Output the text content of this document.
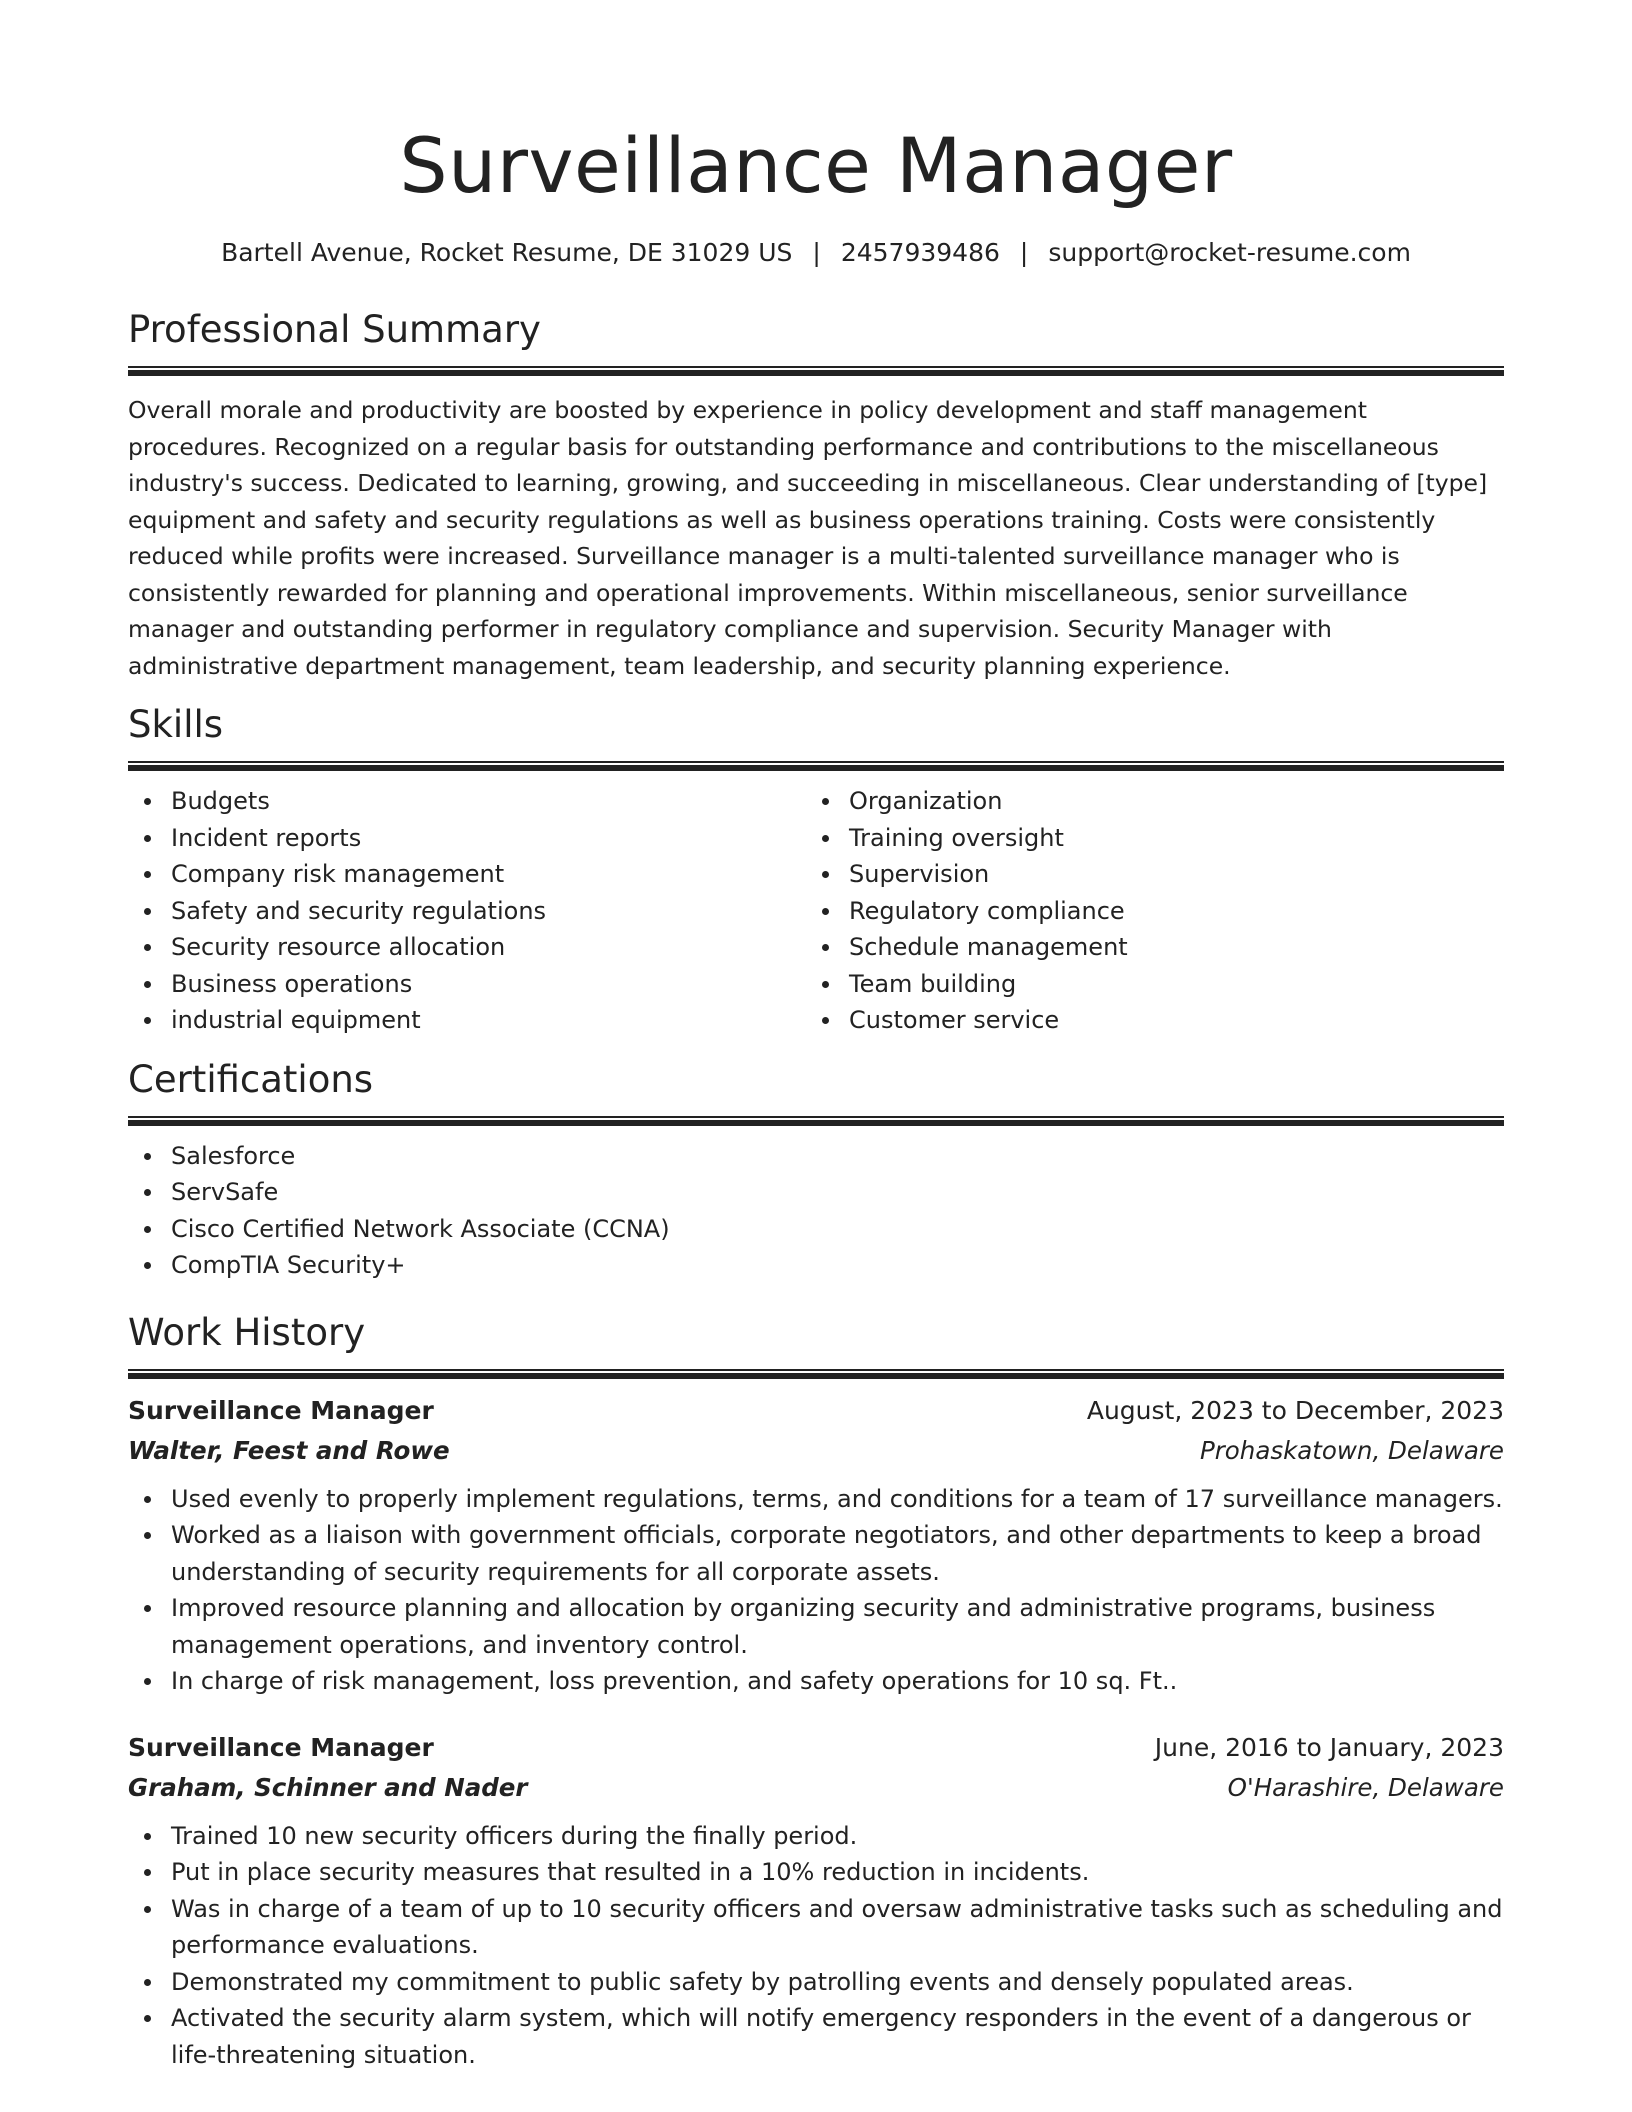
Surveillance Manager
Bartell Avenue, Rocket Resume, DE 31029 US | 2457939486 | support@rocket-resume.com
Professional Summary

Overall morale and productivity are boosted by experience in policy development and staff management procedures. Recognized on a regular basis for outstanding performance and contributions to the miscellaneous industry's success. Dedicated to learning, growing, and succeeding in miscellaneous. Clear understanding of [type] equipment and safety and security regulations as well as business operations training. Costs were consistently reduced while profits were increased. Surveillance manager is a multi-talented surveillance manager who is consistently rewarded for planning and operational improvements. Within miscellaneous, senior surveillance manager and outstanding performer in regulatory compliance and supervision. Security Manager with administrative department management, team leadership, and security planning experience.

Skills
Budgets
Incident reports
Company risk management
Safety and security regulations
Security resource allocation
Business operations
industrial equipment
Organization
Training oversight
Supervision
Regulatory compliance
Schedule management
Team building
Customer service
Certifications
Salesforce
ServSafe
Cisco Certified Network Associate (CCNA)
CompTIA Security+
Work History
Surveillance Manager	August, 2023 to December, 2023
Walter, Feest and Rowe	Prohaskatown, Delaware
Used evenly to properly implement regulations, terms, and conditions for a team of 17 surveillance managers.
Worked as a liaison with government officials, corporate negotiators, and other departments to keep a broad understanding of security requirements for all corporate assets.
Improved resource planning and allocation by organizing security and administrative programs, business management operations, and inventory control.
In charge of risk management, loss prevention, and safety operations for 10 sq. Ft..
Surveillance Manager	June, 2016 to January, 2023
Graham, Schinner and Nader	O'Harashire, Delaware
Trained 10 new security officers during the finally period.
Put in place security measures that resulted in a 10% reduction in incidents.
Was in charge of a team of up to 10 security officers and oversaw administrative tasks such as scheduling and performance evaluations.
Demonstrated my commitment to public safety by patrolling events and densely populated areas.
Activated the security alarm system, which will notify emergency responders in the event of a dangerous or life-threatening situation.
